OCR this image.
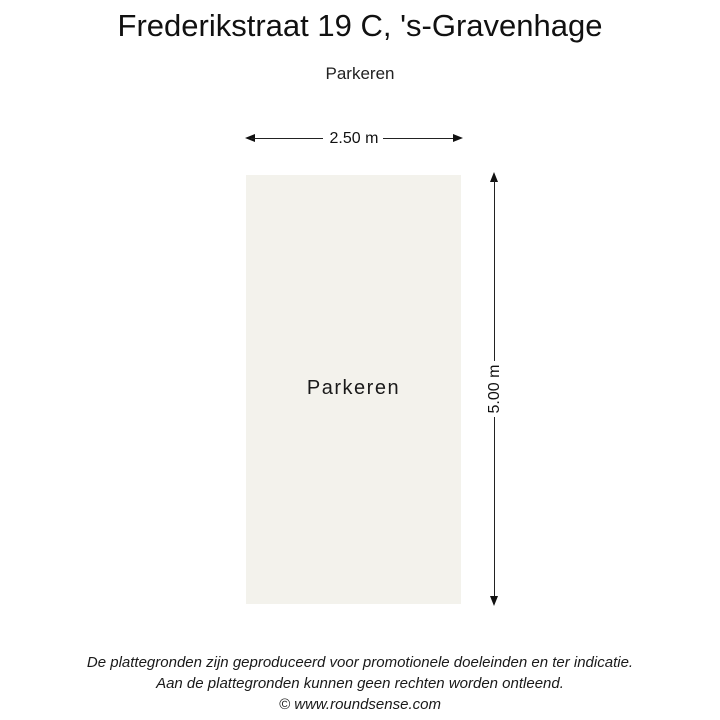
Frederikstraat 19 C, 's-Gravenhage
Parkeren
2.50 m
Parkeren	5.00 m
De plattegronden zijn geproduceerd voor promotionele doeleinden en ter indicatie.
Aan de plattegronden kunnen geen rechten worden ontleend.
© www.roundsense.com
